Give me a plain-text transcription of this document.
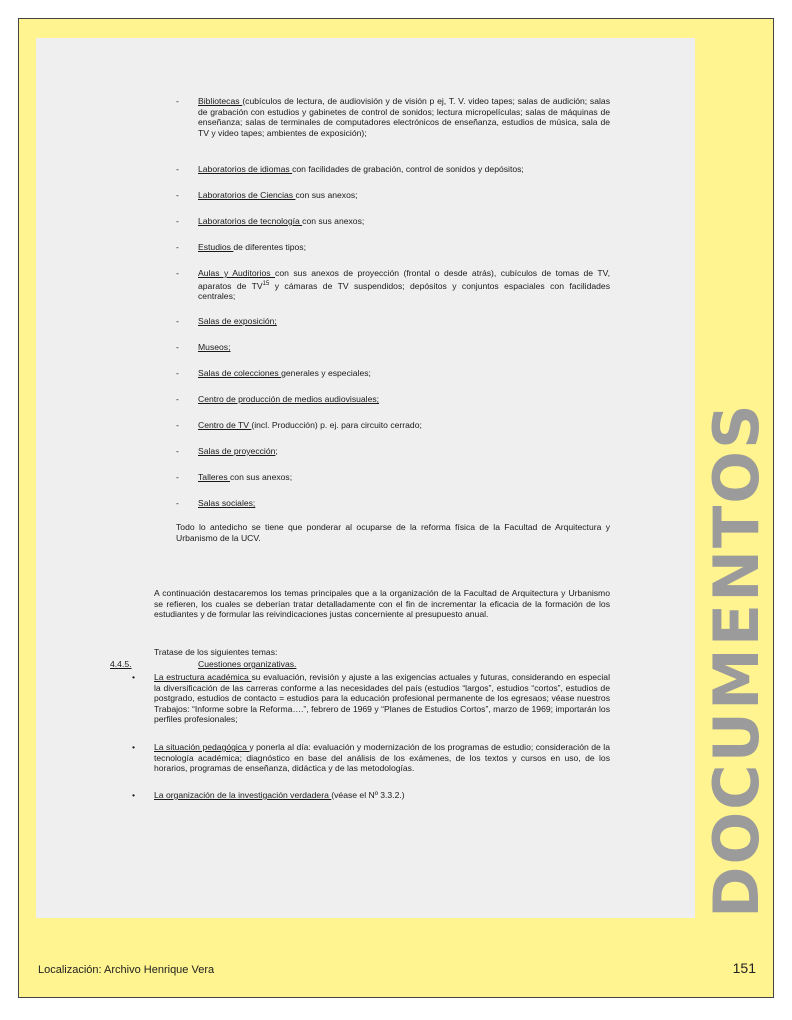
DOCUMENTOS
- Bibliotecas (cubículos de lectura, de audiovisión y de visión p ej, T. V. video tapes; salas de audición; salas de grabación con estudios y gabinetes de control de sonidos; lectura micropelículas; salas de máquinas de enseñanza; salas de terminales de computadores electrónicos de enseñanza, estudios de música, sala de TV y video tapes; ambientes de exposición);
- Laboratorios de idiomas con facilidades de grabación, control de sonidos y depósitos;
- Laboratorios de Ciencias con sus anexos;
- Laboratorios de tecnología con sus anexos;
- Estudios de diferentes tipos;
- Aulas y Auditorios con sus anexos de proyección (frontal o desde atrás), cubículos de tomas de TV, aparatos de TV$^{15}$ y cámaras de TV suspendidos; depósitos y conjuntos espaciales con facilidades centrales;
- Salas de exposición;
- Museos;
- Salas de colecciones generales y especiales;
- Centro de producción de medios audiovisuales;
- Centro de TV (incl. Producción) p. ej. para circuito cerrado;
- Salas de proyección;
- Talleres con sus anexos;
- Salas sociales;
Todo lo antedicho se tiene que ponderar al ocuparse de la reforma física de la Facultad de Arquitectura y Urbanismo de la UCV.
4.4.5.	Cuestiones organizativas.
A continuación destacaremos los temas principales que a la organización de la Facultad de Arquitectura y Urbanismo se refieren, los cuales se deberían tratar detalladamente con el fin de incrementar la eficacia de la formación de los estudiantes y de formular las reivindicaciones justas concerniente al presupuesto anual.
Tratase de los siguientes temas:
• La estructura académica su evaluación, revisión y ajuste a las exigencias actuales y futuras, considerando en especial la diversificación de las carreras conforme a las necesidades del país (estudios “largos”, estudios “cortos”, estudios de postgrado, estudios de contacto = estudios para la educación profesional permanente de los egresaos; véase nuestros Trabajos: “Informe sobre la Reforma….”, febrero de 1969 y “Planes de Estudios Cortos”, marzo de 1969; importarán los perfiles profesionales;
• La situación pedagógica y ponerla al día: evaluación y modernización de los programas de estudio; consideración de la tecnología académica; diagnóstico en base del análisis de los exámenes, de los textos y cursos en uso, de los horarios, programas de enseñanza, didáctica y de las metodologías.
• La organización de la investigación verdadera (véase el Nº 3.3.2.)
Localización: Archivo Henrique Vera	151
